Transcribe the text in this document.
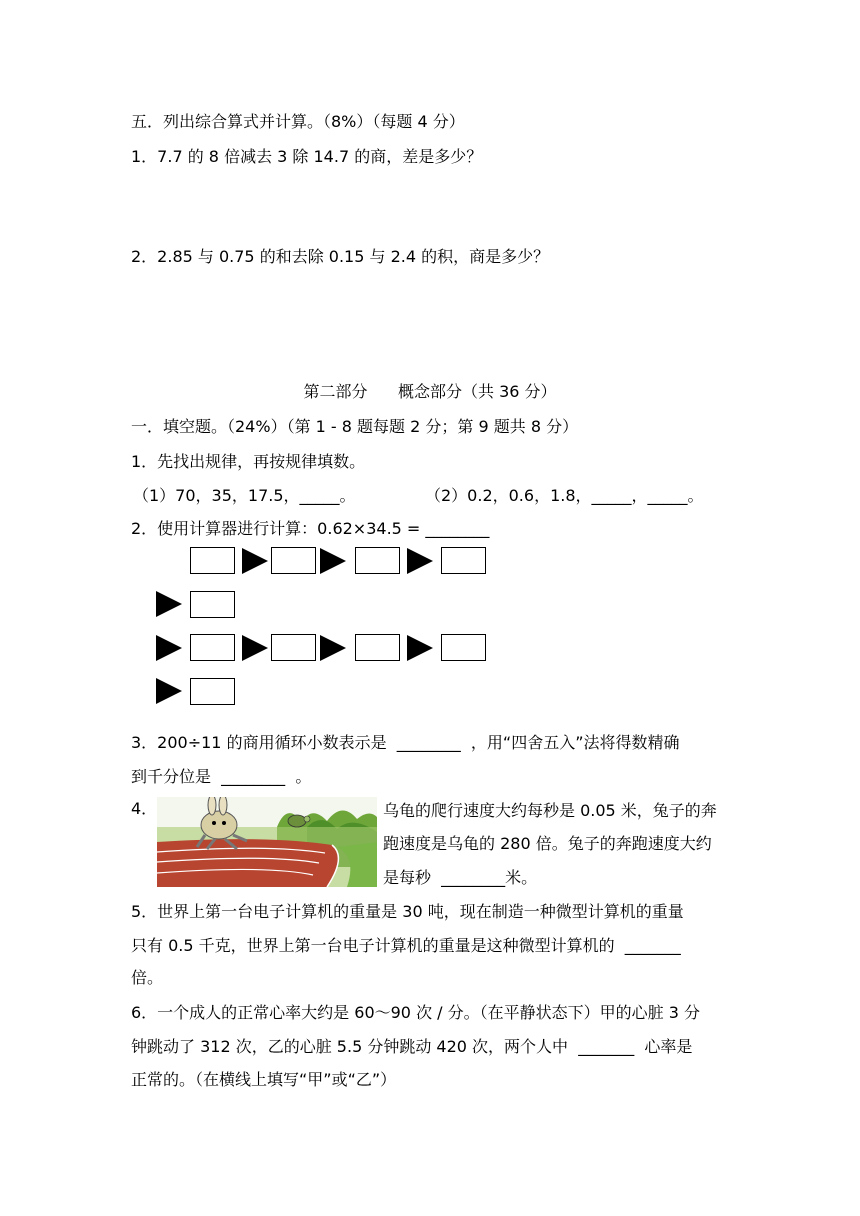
五．列出综合算式并计算。（8%）（每题 4 分）
1．7.7 的 8 倍减去 3 除 14.7 的商，差是多少？
2．2.85 与 0.75 的和去除 0.15 与 2.4 的积，商是多少？
第二部分      概念部分（共 36 分）
一．填空题。（24%）（第 1 - 8 题每题 2 分；第 9 题共 8 分）
1．先找出规律，再按规律填数。
（1）70，35，17.5，_____。	（2）0.2，0.6，1.8，_____，_____。
2．使用计算器进行计算：0.62×34.5 = ________
3．200÷11 的商用循环小数表示是  ________  ，用“四舍五入”法将得数精确
到千分位是  ________  。
4．	乌龟的爬行速度大约每秒是 0.05 米，兔子的奔
跑速度是乌龟的 280 倍。兔子的奔跑速度大约
是每秒  ________米。
5．世界上第一台电子计算机的重量是 30 吨，现在制造一种微型计算机的重量
只有 0.5 千克，世界上第一台电子计算机的重量是这种微型计算机的  _______
倍。
6．一个成人的正常心率大约是 60～90 次 / 分。（在平静状态下）甲的心脏 3 分
钟跳动了 312 次，乙的心脏 5.5 分钟跳动 420 次，两个人中  _______  心率是
正常的。（在横线上填写“甲”或“乙”）
